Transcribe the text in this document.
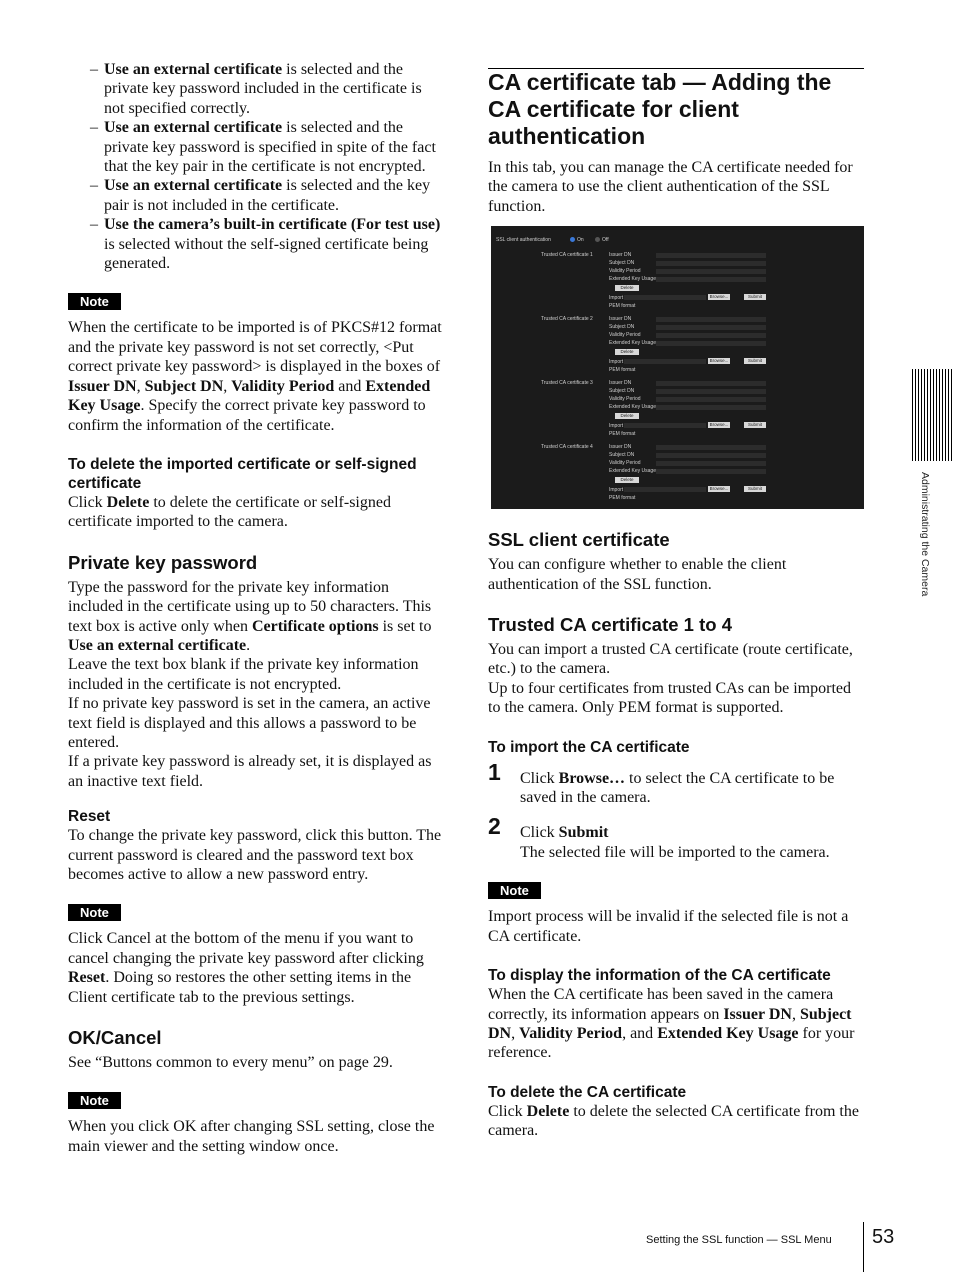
– Use an external certificate is selected and the private key password included in the certificate is not specified correctly.
– Use an external certificate is selected and the private key password is specified in spite of the fact that the key pair in the certificate is not encrypted.
– Use an external certificate is selected and the key pair is not included in the certificate.
– Use the camera’s built-in certificate (For test use) is selected without the self-signed certificate being generated.
Note

When the certificate to be imported is of PKCS#12 format and the private key password is not set correctly, <Put correct private key password> is displayed in the boxes of Issuer DN, Subject DN, Validity Period and Extended Key Usage. Specify the correct private key password to confirm the information of the certificate.

To delete the imported certificate or self-signed certificate

Click Delete to delete the certificate or self-signed certificate imported to the camera.

Private key password

Type the password for the private key information included in the certificate using up to 50 characters. This text box is active only when Certificate options is set to Use an external certificate.

Leave the text box blank if the private key information included in the certificate is not encrypted.

If no private key password is set in the camera, an active text field is displayed and this allows a password to be entered.

If a private key password is already set, it is displayed as an inactive text field.

Reset

To change the private key password, click this button. The current password is cleared and the password text box becomes active to allow a new password entry.

Note

Click Cancel at the bottom of the menu if you want to cancel changing the private key password after clicking Reset. Doing so restores the other setting items in the Client certificate tab to the previous settings.

OK/Cancel

See “Buttons common to every menu” on page 29.

Note

When you click OK after changing SSL setting, close the main viewer and the setting window once.

CA certificate tab — Adding the CA certificate for client authentication

In this tab, you can manage the CA certificate needed for the camera to use the client authentication of the SSL function.

SSL client authentication	On	Off
Trusted CA certificate 1	Issuer DN
Subject DN
Validity Period
Extended Key Usage
Delete
Import	Browse...	Submit
PEM format
Trusted CA certificate 2	Issuer DN
Subject DN
Validity Period
Extended Key Usage
Delete
Import	Browse...	Submit
PEM format
Trusted CA certificate 3	Issuer DN
Subject DN
Validity Period
Extended Key Usage
Delete
Import	Browse...	Submit
PEM format
Trusted CA certificate 4	Issuer DN
Subject DN
Validity Period
Extended Key Usage
Delete
Import	Browse...	Submit
PEM format

SSL client certificate

You can configure whether to enable the client authentication of the SSL function.

Trusted CA certificate 1 to 4

You can import a trusted CA certificate (route certificate, etc.) to the camera.

Up to four certificates from trusted CAs can be imported to the camera. Only PEM format is supported.

To import the CA certificate

1 Click Browse… to select the CA certificate to be saved in the camera.

2 Click Submit
The selected file will be imported to the camera.

Note

Import process will be invalid if the selected file is not a CA certificate.

To display the information of the CA certificate

When the CA certificate has been saved in the camera correctly, its information appears on Issuer DN, Subject DN, Validity Period, and Extended Key Usage for your reference.

To delete the CA certificate

Click Delete to delete the selected CA certificate from the camera.

Administrating the Camera
Setting the SSL function — SSL Menu 53
